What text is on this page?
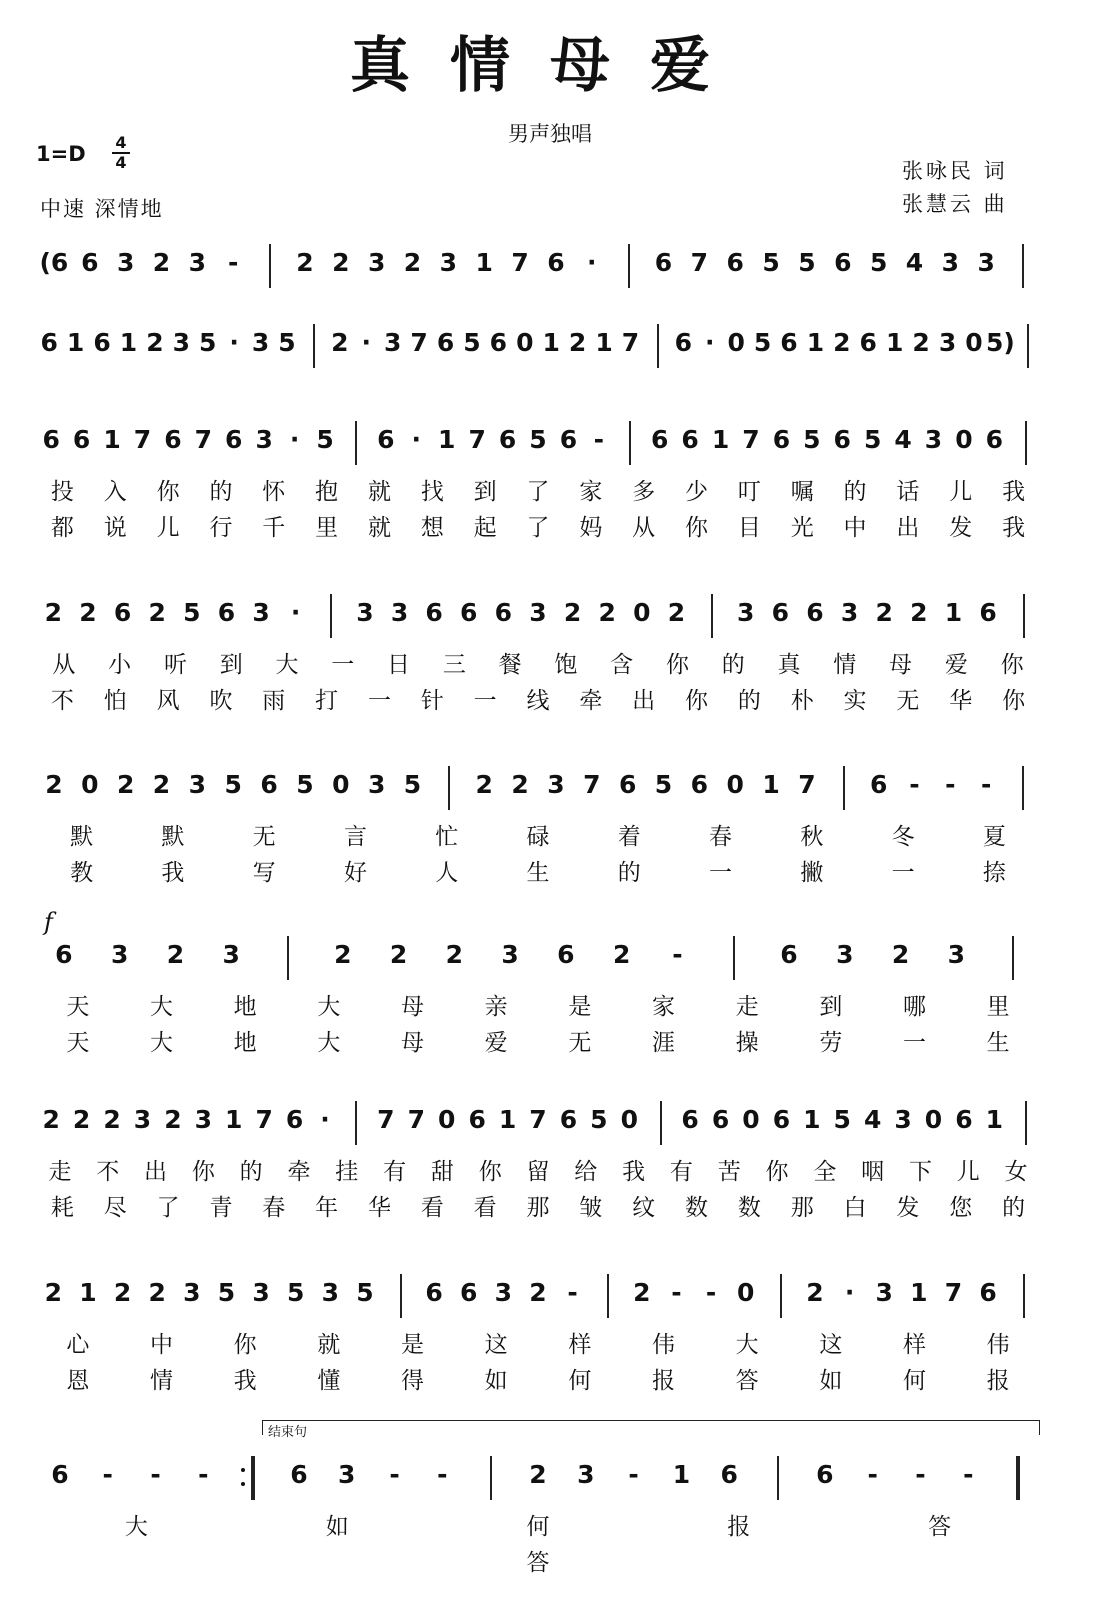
真情母爱
男声独唱
1=D	4
4
中速 深情地
张咏民 词
张慧云 曲
f
结束句
(6 6 3 2 3 - 2 2 3 2 3 1 7 6 · 6 7 6 5 5 6 5 4 3 3
6 1 6 1 2 3 5 · 3 5 2 · 3 7 6 5 6 0 1 2 1 7 6 · 0 5 6 1 2 6 1 2 3 0 5)
6 6 1 7 6 7 6 3 · 5 6 · 1 7 6 5 6 - 6 6 1 7 6 5 6 5 4 3 0 6
投 入 你 的 怀 抱 就 找 到 了 家 多 少 叮 嘱 的 话 儿 我
都 说 儿 行 千 里 就 想 起 了 妈 从 你 目 光 中 出 发 我
2 2 6 2 5 6 3 · 3 3 6 6 6 3 2 2 0 2 3 6 6 3 2 2 1 6
从 小 听 到 大 一 日 三 餐 饱 含 你 的 真 情 母 爱 你
不 怕 风 吹 雨 打 一 针 一 线 牵 出 你 的 朴 实 无 华 你
2 0 2 2 3 5 6 5 0 3 5 2 2 3 7 6 5 6 0 1 7 6 - - -
默	默	无	言	忙	碌	着	春	秋	冬	夏
教	我	写	好	人	生	的	一	撇	一	捺
6 3 2 3	2 2 2 3 6 2 -	6 3 2 3
天	大	地	大	母	亲	是	家	走	到	哪	里
天	大	地	大	母	爱	无	涯	操	劳	一	生
2 2 2 3 2 3 1 7 6 · 7 7 0 6 1 7 6 5 0 6 6 0 6 1 5 4 3 0 6 1
走 不 出 你 的 牵 挂 有 甜 你 留 给 我 有 苦 你 全 咽 下 儿 女
耗 尽 了 青 春 年 华 看 看 那 皱 纹 数 数 那 白 发 您 的
2 1 2 2 3 5 3 5 3 5 6 6 3 2 - 2 - - 0 2 · 3 1 7 6
心	中	你	就	是	这	样	伟	大	这	样	伟
恩	情	我	懂	得	如	何	报	答	如	何	报
6 - - -	6 3 - -	2 3 - 1 6	6 - - -
大	如	何	报	答
答
